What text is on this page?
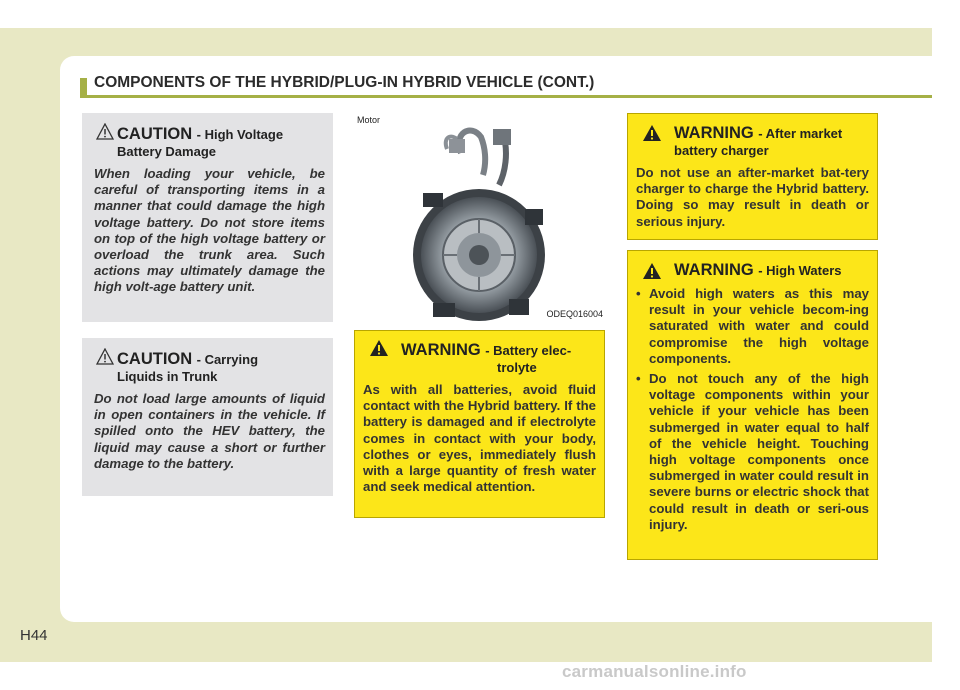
COMPONENTS OF THE HYBRID/PLUG-IN HYBRID VEHICLE (CONT.)
CAUTION - High Voltage
Battery Damage
When loading your vehicle, be careful of transporting items in a manner that could damage the high voltage battery. Do not store items on top of the high voltage battery or overload the trunk area. Such actions may ultimately damage the high volt-age battery unit.
CAUTION - Carrying
Liquids in Trunk
Do not load large amounts of liquid in open containers in the vehicle. If spilled onto the HEV battery, the liquid may cause a short or further damage to the battery.
Motor
ODEQ016004
WARNING - Battery elec-
trolyte
As with all batteries, avoid fluid contact with the Hybrid battery. If the battery is damaged and if electrolyte comes in contact with your body, clothes or eyes, immediately flush with a large quantity of fresh water and seek medical attention.
WARNING - After market
battery charger
Do not use an after-market bat-tery charger to charge the Hybrid battery. Doing so may result in death or serious injury.
WARNING - High Waters
• Avoid high waters as this may result in your vehicle becom-ing saturated with water and could compromise the high voltage components.
• Do not touch any of the high voltage components within your vehicle if your vehicle has been submerged in water equal to half of the vehicle height. Touching high voltage components once submerged in water could result in severe burns or electric shock that could result in death or seri-ous injury.
H44
carmanualsonline.info
